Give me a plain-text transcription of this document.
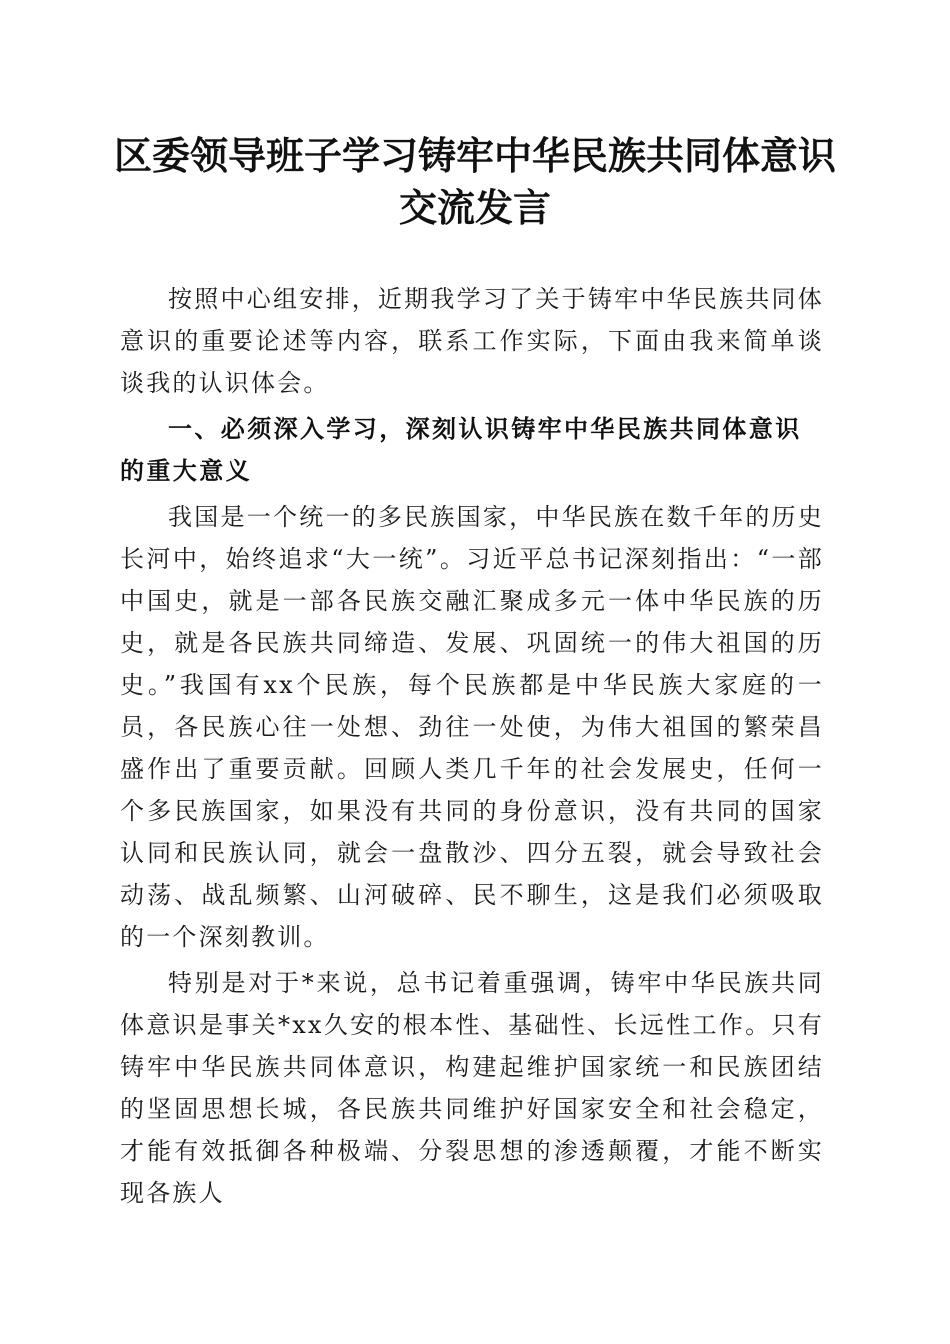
区委领导班子学习铸牢中华民族共同体意识交流发言

按照中心组安排，近期我学习了关于铸牢中华民族共同体意识的重要论述等内容，联系工作实际，下面由我来简单谈谈我的认识体会。

一、必须深入学习，深刻认识铸牢中华民族共同体意识的重大意义

我国是一个统一的多民族国家，中华民族在数千年的历史长河中，始终追求“大一统”。习近平总书记深刻指出：“一部中国史，就是一部各民族交融汇聚成多元一体中华民族的历史，就是各民族共同缔造、发展、巩固统一的伟大祖国的历史。”我国有xx个民族，每个民族都是中华民族大家庭的一员，各民族心往一处想、劲往一处使，为伟大祖国的繁荣昌盛作出了重要贡献。回顾人类几千年的社会发展史，任何一个多民族国家，如果没有共同的身份意识，没有共同的国家认同和民族认同，就会一盘散沙、四分五裂，就会导致社会动荡、战乱频繁、山河破碎、民不聊生，这是我们必须吸取的一个深刻教训。

特别是对于*来说，总书记着重强调，铸牢中华民族共同体意识是事关*xx久安的根本性、基础性、长远性工作。只有铸牢中华民族共同体意识，构建起维护国家统一和民族团结的坚固思想长城，各民族共同维护好国家安全和社会稳定，才能有效抵御各种极端、分裂思想的渗透颠覆，才能不断实现各族人
